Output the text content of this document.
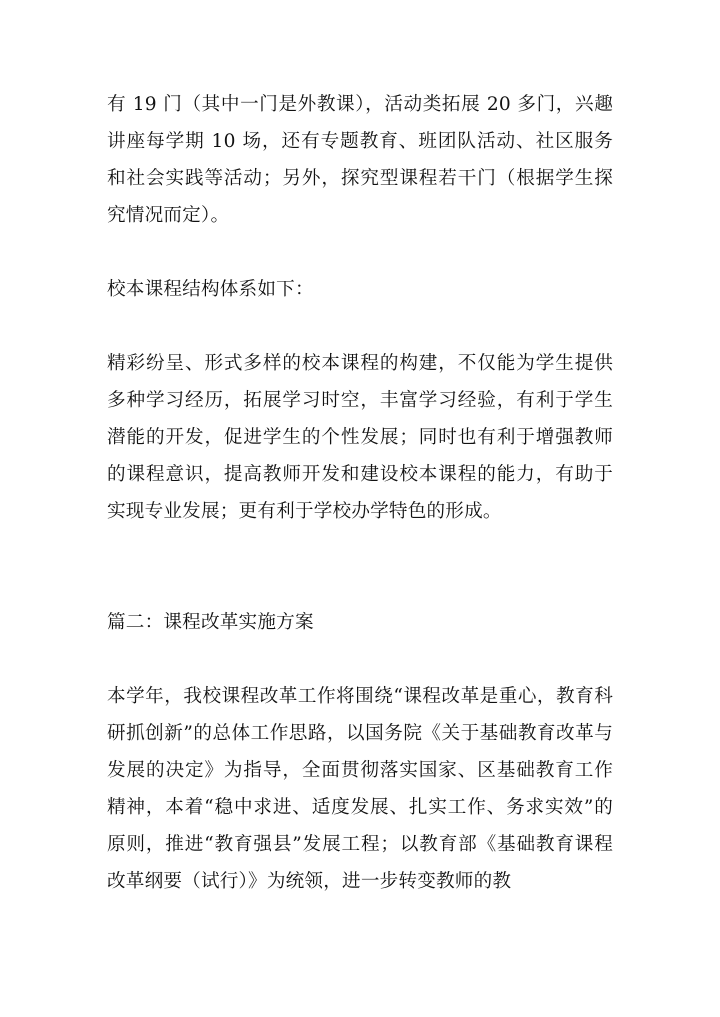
有 19 门（其中一门是外教课），活动类拓展 20 多门，兴趣讲座每学期 10 场，还有专题教育、班团队活动、社区服务和社会实践等活动；另外，探究型课程若干门（根据学生探究情况而定）。

校本课程结构体系如下：

精彩纷呈、形式多样的校本课程的构建，不仅能为学生提供多种学习经历，拓展学习时空，丰富学习经验，有利于学生潜能的开发，促进学生的个性发展；同时也有利于增强教师的课程意识，提高教师开发和建设校本课程的能力，有助于实现专业发展；更有利于学校办学特色的形成。

篇二：课程改革实施方案

本学年，我校课程改革工作将围绕“课程改革是重心，教育科研抓创新”的总体工作思路，以国务院《关于基础教育改革与发展的决定》为指导，全面贯彻落实国家、区基础教育工作精神，本着“稳中求进、适度发展、扎实工作、务求实效”的原则，推进“教育强县”发展工程；以教育部《基础教育课程改革纲要（试行）》为统领，进一步转变教师的教
